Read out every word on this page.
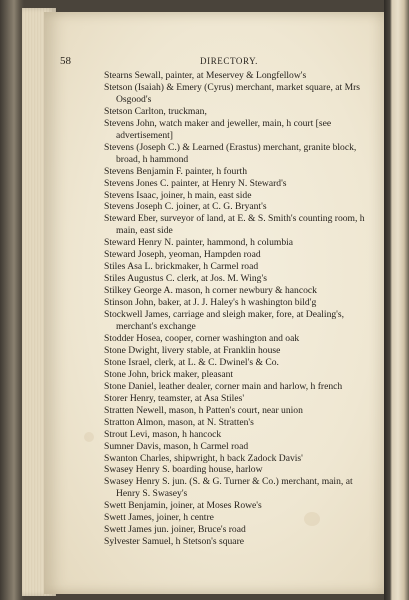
58	DIRECTORY.
Stearns Sewall, painter, at Meservey & Longfellow's
Stetson (Isaiah) & Emery (Cyrus) merchant, market square, at Mrs Osgood's
Stetson Carlton, truckman,
Stevens John, watch maker and jeweller, main, h court [see advertisement]
Stevens (Joseph C.) & Learned (Erastus) merchant, granite block, broad, h hammond
Stevens Benjamin F. painter, h fourth
Stevens Jones C. painter, at Henry N. Steward's
Stevens Isaac, joiner, h main, east side
Stevens Joseph C. joiner, at C. G. Bryant's
Steward Eber, surveyor of land, at E. & S. Smith's counting room, h main, east side
Steward Henry N. painter, hammond, h columbia
Steward Joseph, yeoman, Hampden road
Stiles Asa L. brickmaker, h Carmel road
Stiles Augustus C. clerk, at Jos. M. Wing's
Stilkey George A. mason, h corner newbury & hancock
Stinson John, baker, at J. J. Haley's h washington bild'g
Stockwell James, carriage and sleigh maker, fore, at Dealing's, merchant's exchange
Stodder Hosea, cooper, corner washington and oak
Stone Dwight, livery stable, at Franklin house
Stone Israel, clerk, at L. & C. Dwinel's & Co.
Stone John, brick maker, pleasant
Stone Daniel, leather dealer, corner main and harlow, h french
Storer Henry, teamster, at Asa Stiles'
Stratten Newell, mason, h Patten's court, near union
Stratton Almon, mason, at N. Stratten's
Strout Levi, mason, h hancock
Sumner Davis, mason, h Carmel road
Swanton Charles, shipwright, h back Zadock Davis'
Swasey Henry S. boarding house, harlow
Swasey Henry S. jun. (S. & G. Turner & Co.) merchant, main, at Henry S. Swasey's
Swett Benjamin, joiner, at Moses Rowe's
Swett James, joiner, h centre
Swett James jun. joiner, Bruce's road
Sylvester Samuel, h Stetson's square
